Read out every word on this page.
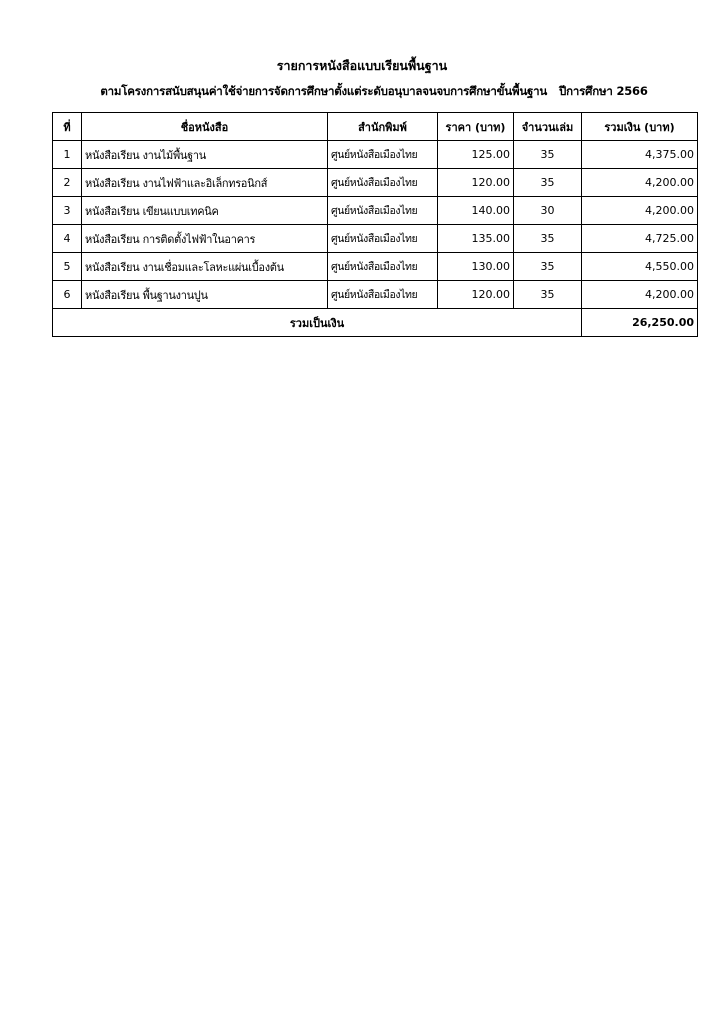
รายการหนังสือแบบเรียนพื้นฐาน
ตามโครงการสนับสนุนค่าใช้จ่ายการจัดการศึกษาตั้งแต่ระดับอนุบาลจนจบการศึกษาขั้นพื้นฐาน ปีการศึกษา 2566
ที่	ชื่อหนังสือ	สำนักพิมพ์	ราคา (บาท)	จำนวนเล่ม	รวมเงิน (บาท)
1	หนังสือเรียน งานไม้พื้นฐาน	ศูนย์หนังสือเมืองไทย	125.00	35	4,375.00
2	หนังสือเรียน งานไฟฟ้าและอิเล็กทรอนิกส์	ศูนย์หนังสือเมืองไทย	120.00	35	4,200.00
3	หนังสือเรียน เขียนแบบเทคนิค	ศูนย์หนังสือเมืองไทย	140.00	30	4,200.00
4	หนังสือเรียน การติดตั้งไฟฟ้าในอาคาร	ศูนย์หนังสือเมืองไทย	135.00	35	4,725.00
5	หนังสือเรียน งานเชื่อมและโลหะแผ่นเบื้องต้น	ศูนย์หนังสือเมืองไทย	130.00	35	4,550.00
6	หนังสือเรียน พื้นฐานงานปูน	ศูนย์หนังสือเมืองไทย	120.00	35	4,200.00
รวมเป็นเงิน					26,250.00
